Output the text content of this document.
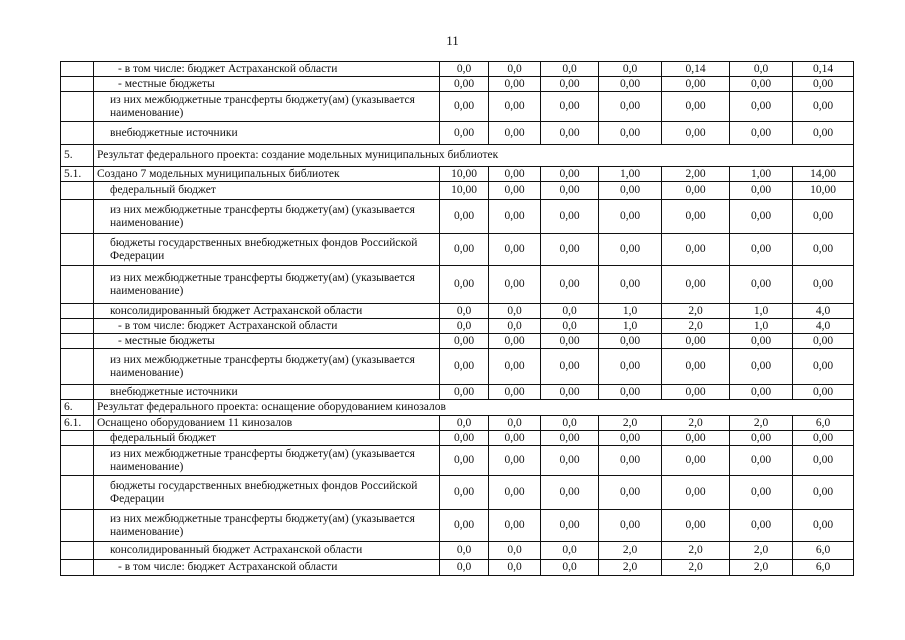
11
	- в том числе: бюджет Астраханской области	0,0	0,0	0,0	0,0	0,14	0,0	0,14
	- местные бюджеты	0,00	0,00	0,00	0,00	0,00	0,00	0,00
	из них межбюджетные трансферты бюджету(ам) (указывается наименование)	0,00	0,00	0,00	0,00	0,00	0,00	0,00
	внебюджетные источники	0,00	0,00	0,00	0,00	0,00	0,00	0,00
5.	Результат федерального проекта: создание модельных муниципальных библиотек							
5.1.	Создано 7 модельных муниципальных библиотек	10,00	0,00	0,00	1,00	2,00	1,00	14,00
	федеральный бюджет	10,00	0,00	0,00	0,00	0,00	0,00	10,00
	из них межбюджетные трансферты бюджету(ам) (указывается наименование)	0,00	0,00	0,00	0,00	0,00	0,00	0,00
	бюджеты государственных внебюджетных фондов Российской Федерации	0,00	0,00	0,00	0,00	0,00	0,00	0,00
	из них межбюджетные трансферты бюджету(ам) (указывается наименование)	0,00	0,00	0,00	0,00	0,00	0,00	0,00
	консолидированный бюджет Астраханской области	0,0	0,0	0,0	1,0	2,0	1,0	4,0
	- в том числе: бюджет Астраханской области	0,0	0,0	0,0	1,0	2,0	1,0	4,0
	- местные бюджеты	0,00	0,00	0,00	0,00	0,00	0,00	0,00
	из них межбюджетные трансферты бюджету(ам) (указывается наименование)	0,00	0,00	0,00	0,00	0,00	0,00	0,00
	внебюджетные источники	0,00	0,00	0,00	0,00	0,00	0,00	0,00
6.	Результат федерального проекта: оснащение оборудованием кинозалов							
6.1.	Оснащено оборудованием 11 кинозалов	0,0	0,0	0,0	2,0	2,0	2,0	6,0
	федеральный бюджет	0,00	0,00	0,00	0,00	0,00	0,00	0,00
	из них межбюджетные трансферты бюджету(ам) (указывается наименование)	0,00	0,00	0,00	0,00	0,00	0,00	0,00
	бюджеты государственных внебюджетных фондов Российской Федерации	0,00	0,00	0,00	0,00	0,00	0,00	0,00
	из них межбюджетные трансферты бюджету(ам) (указывается наименование)	0,00	0,00	0,00	0,00	0,00	0,00	0,00
	консолидированный бюджет Астраханской области	0,0	0,0	0,0	2,0	2,0	2,0	6,0
	- в том числе: бюджет Астраханской области	0,0	0,0	0,0	2,0	2,0	2,0	6,0
